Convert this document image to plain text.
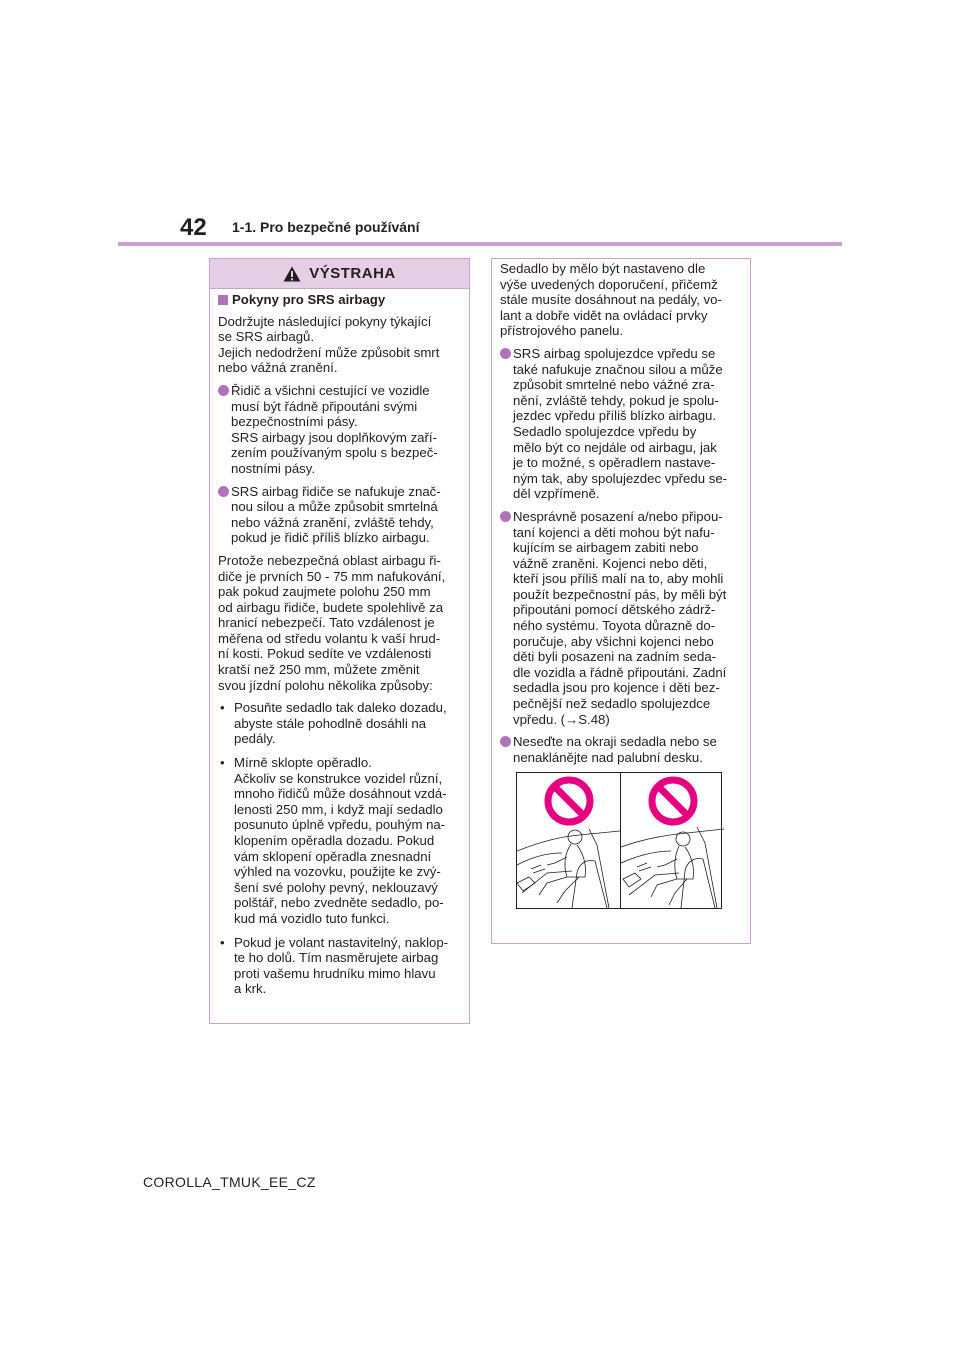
42 1-1. Pro bezpečné používání
VÝSTRAHA
Pokyny pro SRS airbagy

Dodržujte následující pokyny týkající
se SRS airbagů.
Jejich nedodržení může způsobit smrt
nebo vážná zranění.

Řidič a všichni cestující ve vozidle
musí být řádně připoutáni svými
bezpečnostními pásy.
SRS airbagy jsou doplňkovým zaří-
zením používaným spolu s bezpeč-
nostními pásy.
SRS airbag řidiče se nafukuje znač-
nou silou a může způsobit smrtelná
nebo vážná zranění, zvláště tehdy,
pokud je řidič příliš blízko airbagu.

Protože nebezpečná oblast airbagu ři-
diče je prvních 50 - 75 mm nafukování,
pak pokud zaujmete polohu 250 mm
od airbagu řidiče, budete spolehlivě za
hranicí nebezpečí. Tato vzdálenost je
měřena od středu volantu k vaší hrud-
ní kosti. Pokud sedíte ve vzdálenosti
kratší než 250 mm, můžete změnit
svou jízdní polohu několika způsoby:

• Posuňte sedadlo tak daleko dozadu,
abyste stále pohodlně dosáhli na
pedály.
• Mírně sklopte opěradlo.
Ačkoliv se konstrukce vozidel různí,
mnoho řidičů může dosáhnout vzdá-
lenosti 250 mm, i když mají sedadlo
posunuto úplně vpředu, pouhým na-
klopením opěradla dozadu. Pokud
vám sklopení opěradla znesnadní
výhled na vozovku, použijte ke zvý-
šení své polohy pevný, neklouzavý
polštář, nebo zvedněte sedadlo, po-
kud má vozidlo tuto funkci.
• Pokud je volant nastavitelný, naklop-
te ho dolů. Tím nasměrujete airbag
proti vašemu hrudníku mimo hlavu
a krk.

Sedadlo by mělo být nastaveno dle
výše uvedených doporučení, přičemž
stále musíte dosáhnout na pedály, vo-
lant a dobře vidět na ovládací prvky
přístrojového panelu.

SRS airbag spolujezdce vpředu se
také nafukuje značnou silou a může
způsobit smrtelné nebo vážné zra-
nění, zvláště tehdy, pokud je spolu-
jezdec vpředu příliš blízko airbagu.
Sedadlo spolujezdce vpředu by
mělo být co nejdále od airbagu, jak
je to možné, s opěradlem nastave-
ným tak, aby spolujezdec vpředu se-
děl vzpřímeně.
Nesprávně posazení a/nebo připou-
taní kojenci a děti mohou být nafu-
kujícím se airbagem zabiti nebo
vážně zraněni. Kojenci nebo děti,
kteří jsou příliš malí na to, aby mohli
použít bezpečnostní pás, by měli být
připoutáni pomocí dětského zádrž-
ného systému. Toyota důrazně do-
poručuje, aby všichni kojenci nebo
děti byli posazeni na zadním seda-
dle vozidla a řádně připoutáni. Zadní
sedadla jsou pro kojence i děti bez-
pečnější než sedadlo spolujezdce
vpředu. (→S.48)
Neseďte na okraji sedadla nebo se
nenaklánějte nad palubní desku.
COROLLA_TMUK_EE_CZ
